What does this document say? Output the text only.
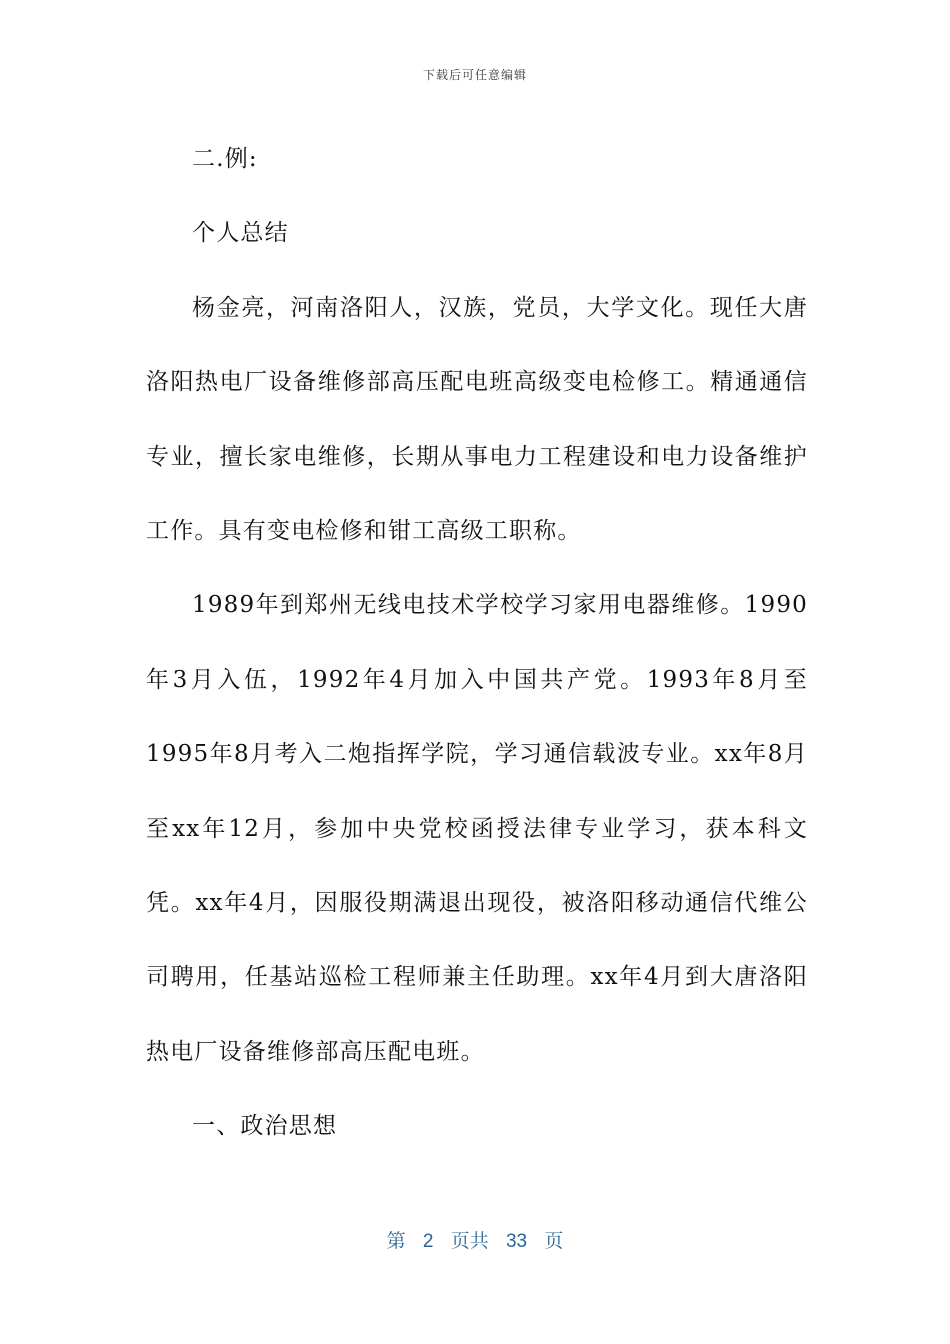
下载后可任意编辑

二.例:

个人总结

杨金亮，河南洛阳人，汉族，党员，大学文化。现任大唐洛阳热电厂设备维修部高压配电班高级变电检修工。精通通信专业，擅长家电维修，长期从事电力工程建设和电力设备维护工作。具有变电检修和钳工高级工职称。

1989年到郑州无线电技术学校学习家用电器维修。1990年3月入伍，1992年4月加入中国共产党。1993年8月至1995年8月考入二炮指挥学院，学习通信载波专业。xx年8月至xx年12月，参加中央党校函授法律专业学习，获本科文凭。xx年4月，因服役期满退出现役，被洛阳移动通信代维公司聘用，任基站巡检工程师兼主任助理。xx年4月到大唐洛阳热电厂设备维修部高压配电班。

一、政治思想

第 2 页共 33 页
